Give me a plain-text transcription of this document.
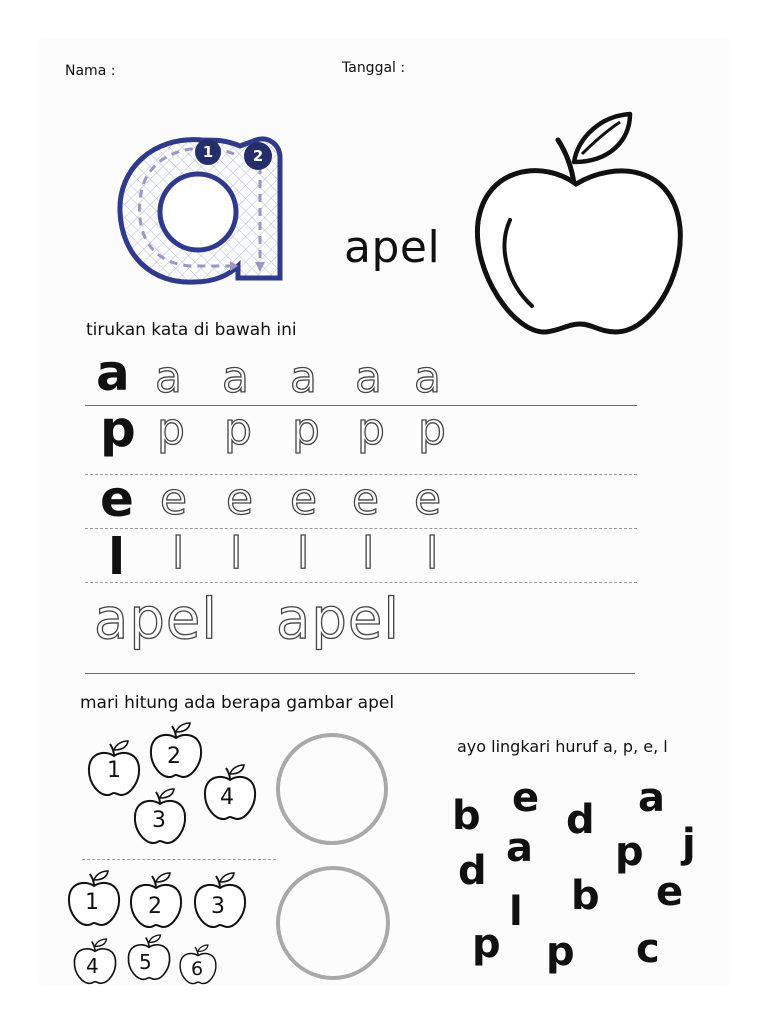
Nama :	Tanggal :
1	2
apel
tirukan kata di bawah ini
a a a a a a
p p p p p p
e e e e e e
l l l l l l
apel apel
mari hitung ada berapa gambar apel
1
2
3
4
1 2 3
4 5 6
ayo lingkari huruf a, p, e, l
b e d a
a	j
d	p
e
b
l
p p c
